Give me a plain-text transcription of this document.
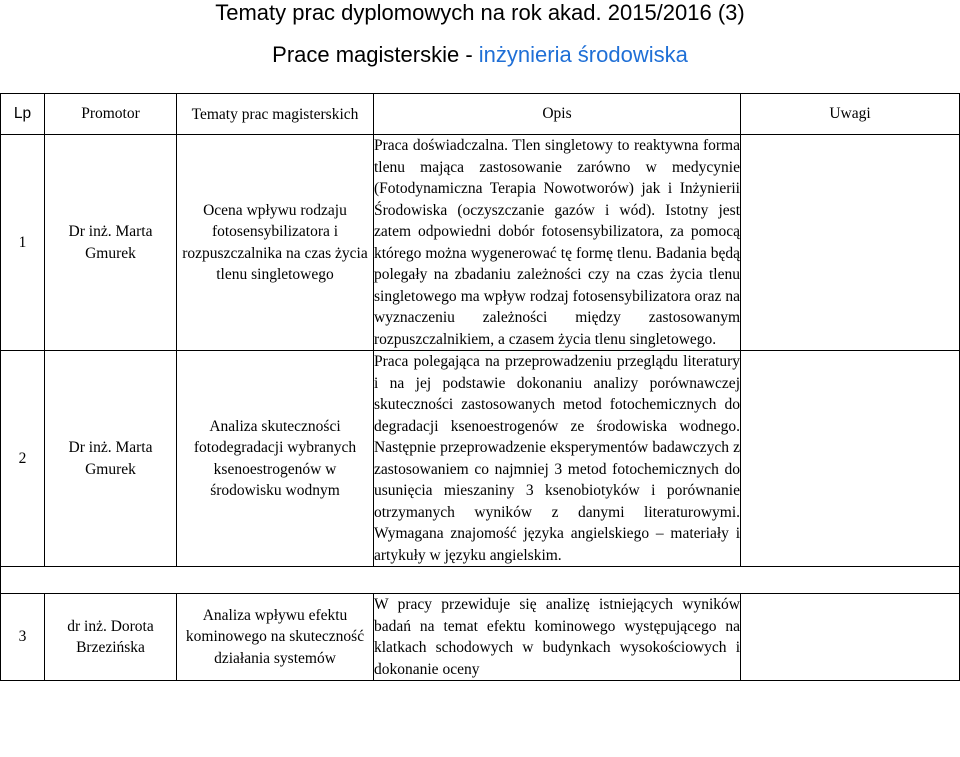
Tematy prac dyplomowych na rok akad. 2015/2016 (3)
Prace magisterskie - inżynieria środowiska
Lp	Promotor	Tematy prac magisterskich	Opis	Uwagi
1	Dr inż. Marta Gmurek	Ocena wpływu rodzaju fotosensybilizatora i rozpuszczalnika na czas życia tlenu singletowego	Praca doświadczalna. Tlen singletowy to reaktywna forma tlenu mająca zastosowanie zarówno w medycynie (Fotodynamiczna Terapia Nowotworów) jak i Inżynierii Środowiska (oczyszczanie gazów i wód). Istotny jest zatem odpowiedni dobór fotosensybilizatora, za pomocą którego można wygenerować tę formę tlenu. Badania będą polegały na zbadaniu zależności czy na czas życia tlenu singletowego ma wpływ rodzaj fotosensybilizatora oraz na wyznaczeniu zależności między zastosowanym rozpuszczalnikiem, a czasem życia tlenu singletowego.	
2	Dr inż. Marta Gmurek	Analiza skuteczności fotodegradacji wybranych ksenoestrogenów w środowisku wodnym	Praca polegająca na przeprowadzeniu przeglądu literatury i na jej podstawie dokonaniu analizy porównawczej skuteczności zastosowanych metod fotochemicznych do degradacji ksenoestrogenów ze środowiska wodnego. Następnie przeprowadzenie eksperymentów badawczych z zastosowaniem co najmniej 3 metod fotochemicznych do usunięcia mieszaniny 3 ksenobiotyków i porównanie otrzymanych wyników z danymi literaturowymi. Wymagana znajomość języka angielskiego – materiały i artykuły w języku angielskim.	

3	dr inż. Dorota Brzezińska	Analiza wpływu efektu kominowego na skuteczność działania systemów	W pracy przewiduje się analizę istniejących wyników badań na temat efektu kominowego występującego na klatkach schodowych w budynkach wysokościowych i dokonanie oceny	
